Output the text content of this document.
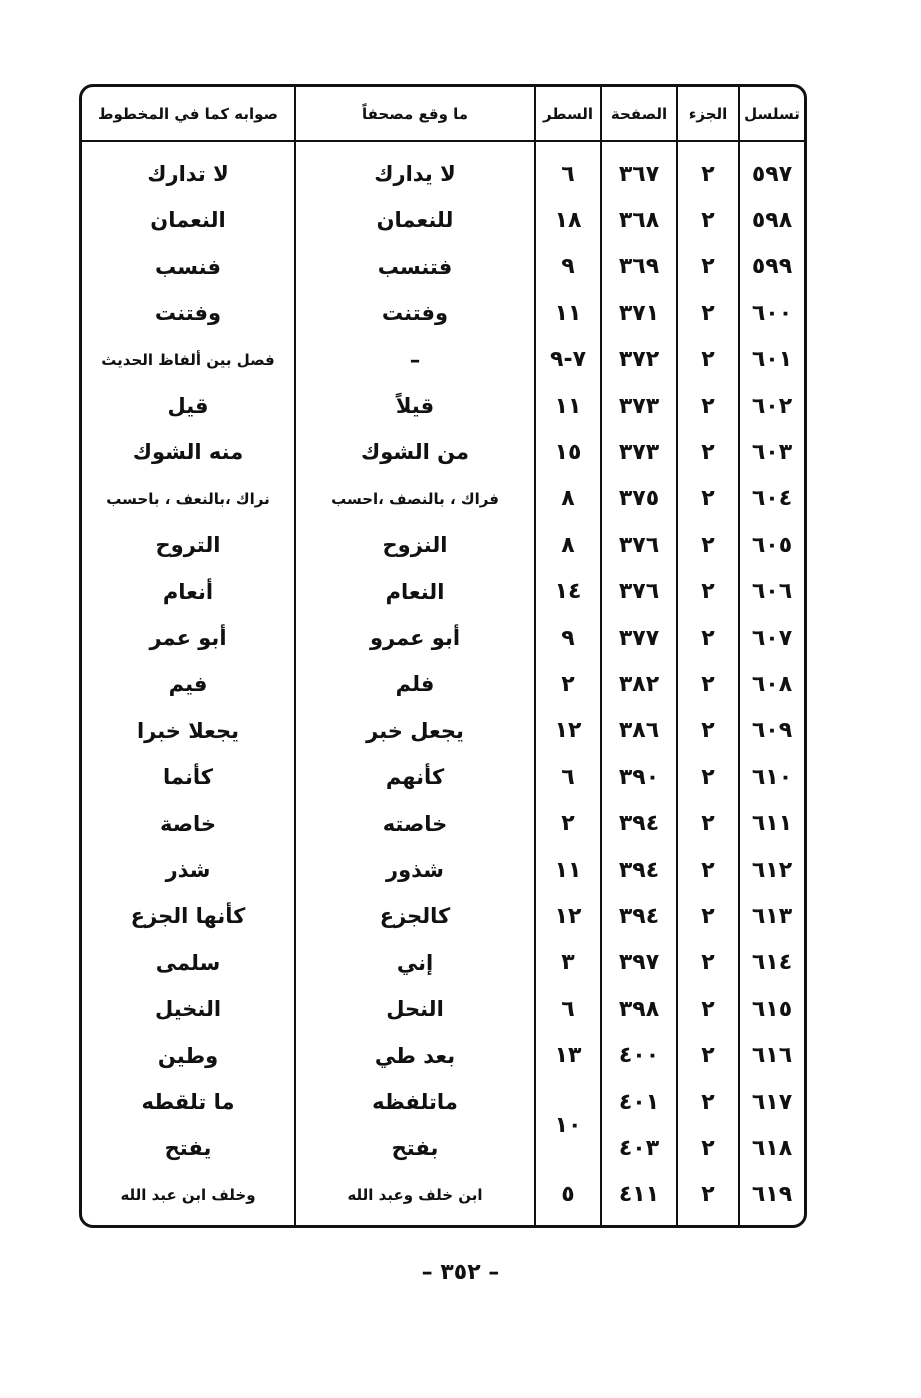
تسلسل
٥٩٧
٥٩٨
٥٩٩
٦٠٠
٦٠١
٦٠٢
٦٠٣
٦٠٤
٦٠٥
٦٠٦
٦٠٧
٦٠٨
٦٠٩
٦١٠
٦١١
٦١٢
٦١٣
٦١٤
٦١٥
٦١٦
٦١٧
٦١٨
٦١٩
الجزء
٢
٢
٢
٢
٢
٢
٢
٢
٢
٢
٢
٢
٢
٢
٢
٢
٢
٢
٢
٢
٢
٢
٢
الصفحة
٣٦٧
٣٦٨
٣٦٩
٣٧١
٣٧٢
٣٧٣
٣٧٣
٣٧٥
٣٧٦
٣٧٦
٣٧٧
٣٨٢
٣٨٦
٣٩٠
٣٩٤
٣٩٤
٣٩٤
٣٩٧
٣٩٨
٤٠٠
٤٠١
٤٠٣
٤١١
السطر
٦
١٨
٩
١١
٧-٩
١١
١٥
٨
٨
١٤
٩
٢
١٢
٦
٢
١١
١٢
٣
٦
١٣
١٠
٥
ما وقع مصحفاً
لا يدارك
للنعمان
فتنسب
وفتنت
–
قيلاً
من الشوك
فراك ، بالنصف ،احسب
النزوح
النعام
أبو عمرو
فلم
يجعل خبر
كأنهم
خاصته
شذور
كالجزع
إني
النحل
بعد طي
ماتلفظه
بفتح
ابن خلف وعبد الله
صوابه كما في المخطوط
لا تدارك
النعمان
فنسب
وفتنت
فصل بين ألفاظ الحديث
قيل
منه الشوك
نراك ،بالنعف ، باحسب
التروح
أنعام
أبو عمر
فيم
يجعلا خبرا
كأنما
خاصة
شذر
كأنها الجزع
سلمى
النخيل
وطين
ما تلقطه
يفتح
وخلف ابن عبد الله
– ٣٥٢ –
